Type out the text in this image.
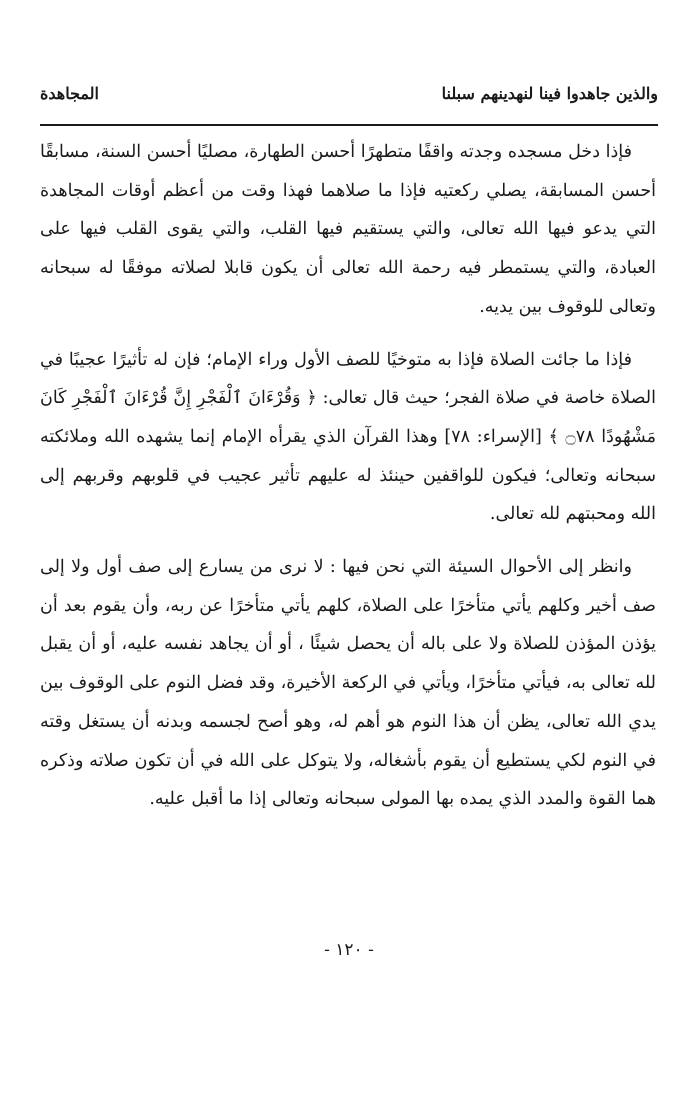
والذين جاهدوا فينا لنهدينهم سبلنا
المجاهدة

فإذا دخل مسجده وجدته واقفًا متطهرًا أحسن الطهارة، مصليًا أحسن السنة، مسابقًا أحسن المسابقة، يصلي ركعتيه فإذا ما صلاهما فهذا وقت من أعظم أوقات المجاهدة التي يدعو فيها الله تعالى، والتي يستقيم فيها القلب، والتي يقوى القلب فيها على العبادة، والتي يستمطر فيه رحمة الله تعالى أن يكون قابلا لصلاته موفقًا له سبحانه وتعالى للوقوف بين يديه.

فإذا ما جائت الصلاة فإذا به متوخيًا للصف الأول وراء الإمام؛ فإن له تأثيرًا عجيبًا في الصلاة خاصة في صلاة الفجر؛ حيث قال تعالى: ﴿ وَقُرْءَانَ ٱلْفَجْرِ إِنَّ قُرْءَانَ ٱلْفَجْرِ كَانَ مَشْهُودًا ۝٧٨ ﴾ [الإسراء: ٧٨] وهذا القرآن الذي يقرأه الإمام إنما يشهده الله وملائكته سبحانه وتعالى؛ فيكون للواقفين حينئذ له عليهم تأثير عجيب في قلوبهم وقربهم إلى الله ومحبتهم لله تعالى.

وانظر إلى الأحوال السيئة التي نحن فيها : لا نرى من يسارع إلى صف أول ولا إلى صف أخير وكلهم يأتي متأخرًا على الصلاة، كلهم يأتي متأخرًا عن ربه، وأن يقوم بعد أن يؤذن المؤذن للصلاة ولا على باله أن يحصل شيئًا ، أو أن يجاهد نفسه عليه، أو أن يقبل لله تعالى به، فيأتي متأخرًا، ويأتي في الركعة الأخيرة، وقد فضل النوم على الوقوف بين يدي الله تعالى، يظن أن هذا النوم هو أهم له، وهو أصح لجسمه وبدنه أن يستغل وقته في النوم لكي يستطيع أن يقوم بأشغاله، ولا يتوكل على الله في أن تكون صلاته وذكره هما القوة والمدد الذي يمده بها المولى سبحانه وتعالى إذا ما أقبل عليه.

- ١٢٠ -
